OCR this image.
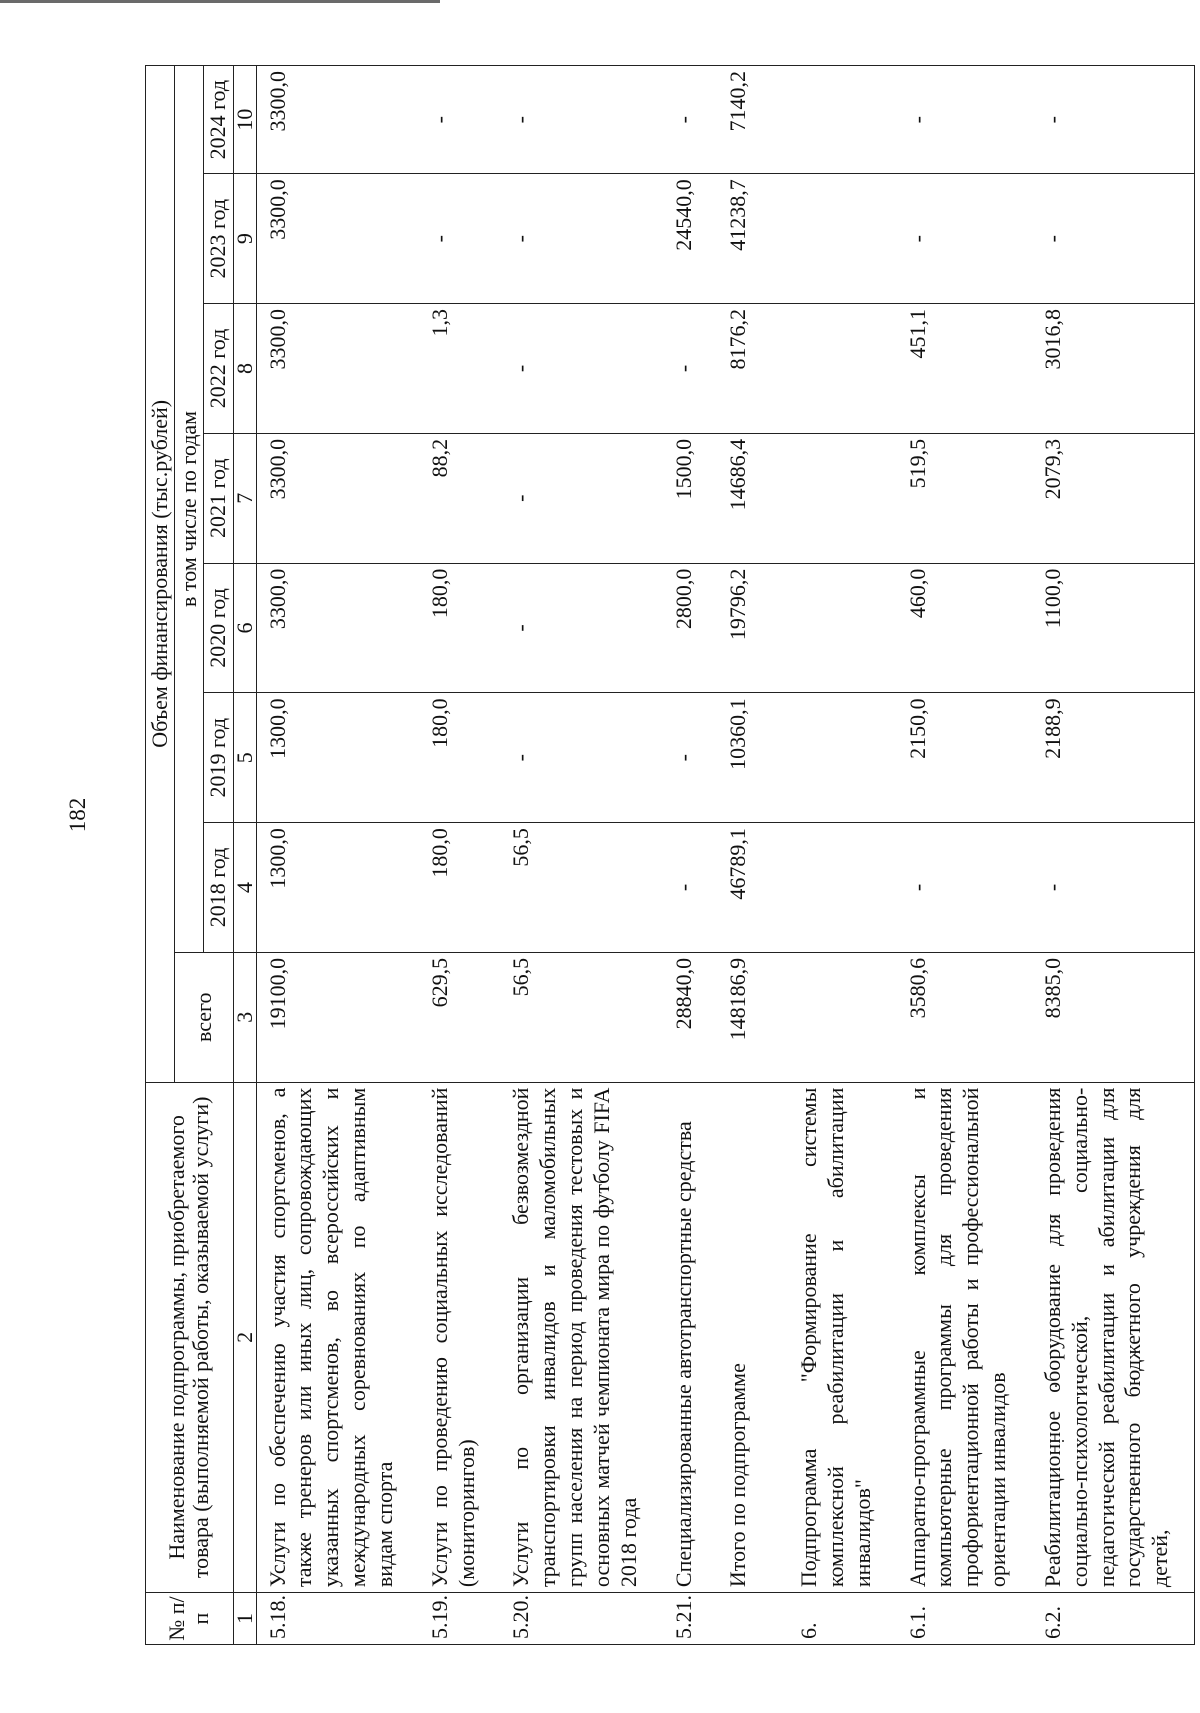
182
№ п/п	Наименование подпрограммы, приобретаемого товара (выполняемой работы, оказываемой услуги)	Объем финансирования (тыс.рублей)							
		всего	в том числе по годам						
			2018 год	2019 год	2020 год	2021 год	2022 год	2023 год	2024 год
1	2	3	4	5	6	7	8	9	10
5.18.	Услуги по обеспечению участия спортсменов, а также тренеров или иных лиц, сопровождающих указанных спортсменов, во всероссийских и международных соревнованиях по адаптивным видам спорта	19100,0	1300,0	1300,0	3300,0	3300,0	3300,0	3300,0	3300,0
5.19.	Услуги по проведению социальных исследований (мониторингов)	629,5	180,0	180,0	180,0	88,2	1,3	-	-
5.20.	Услуги по организации безвозмездной транспортировки инвалидов и маломобильных групп населения на период проведения тестовых и основных матчей чемпионата мира по футболу FIFA 2018 года	56,5	56,5	-	-	-	-	-	-
5.21.	Специализированные автотранспортные средства	28840,0	-	-	2800,0	1500,0	-	24540,0	-
	Итого по подпрограмме	148186,9	46789,1	10360,1	19796,2	14686,4	8176,2	41238,7	7140,2
6.	Подпрограмма "Формирование системы комплексной реабилитации и абилитации инвалидов"								
6.1.	Аппаратно-программные комплексы и компьютерные программы для проведения профориентационной работы и профессиональной ориентации инвалидов	3580,6	-	2150,0	460,0	519,5	451,1	-	-
6.2.	Реабилитационное оборудование для проведения социально-психологической, социально-педагогической реабилитации и абилитации для государственного бюджетного учреждения для детей,	8385,0	-	2188,9	1100,0	2079,3	3016,8	-	-
